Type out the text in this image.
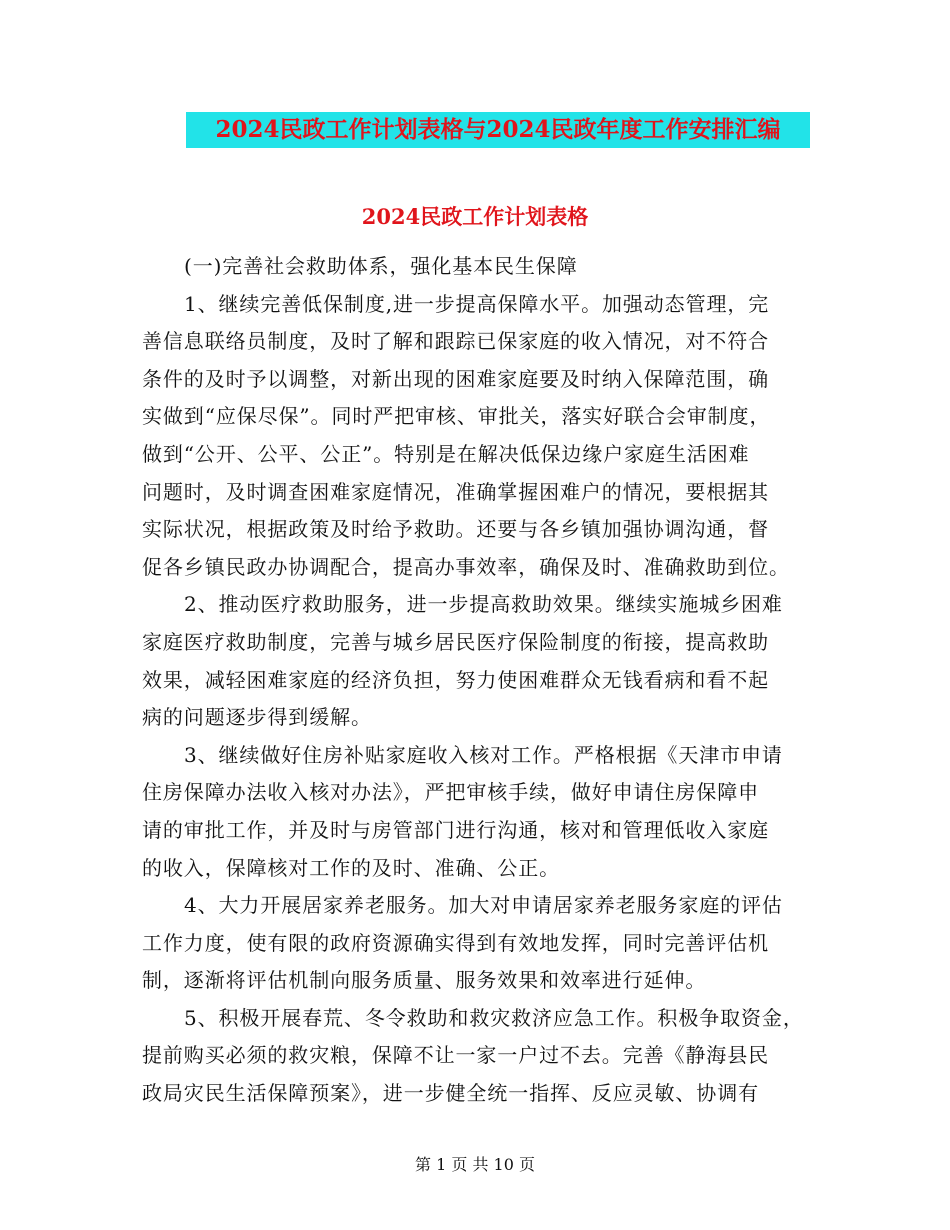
2024民政工作计划表格与2024民政年度工作安排汇编
2024民政工作计划表格
(一)完善社会救助体系，强化基本民生保障
1、继续完善低保制度,进一步提高保障水平。加强动态管理，完
善信息联络员制度，及时了解和跟踪已保家庭的收入情况，对不符合
条件的及时予以调整，对新出现的困难家庭要及时纳入保障范围，确
实做到“应保尽保”。同时严把审核、审批关，落实好联合会审制度，
做到“公开、公平、公正”。特别是在解决低保边缘户家庭生活困难
问题时，及时调查困难家庭情况，准确掌握困难户的情况，要根据其
实际状况，根据政策及时给予救助。还要与各乡镇加强协调沟通，督
促各乡镇民政办协调配合，提高办事效率，确保及时、准确救助到位。
2、推动医疗救助服务，进一步提高救助效果。继续实施城乡困难
家庭医疗救助制度，完善与城乡居民医疗保险制度的衔接，提高救助
效果，减轻困难家庭的经济负担，努力使困难群众无钱看病和看不起
病的问题逐步得到缓解。
3、继续做好住房补贴家庭收入核对工作。严格根据《天津市申请
住房保障办法收入核对办法》，严把审核手续，做好申请住房保障申
请的审批工作，并及时与房管部门进行沟通，核对和管理低收入家庭
的收入，保障核对工作的及时、准确、公正。
4、大力开展居家养老服务。加大对申请居家养老服务家庭的评估
工作力度，使有限的政府资源确实得到有效地发挥，同时完善评估机
制，逐渐将评估机制向服务质量、服务效果和效率进行延伸。
5、积极开展春荒、冬令救助和救灾救济应急工作。积极争取资金，
提前购买必须的救灾粮，保障不让一家一户过不去。完善《静海县民
政局灾民生活保障预案》，进一步健全统一指挥、反应灵敏、协调有
第 1 页 共 10 页
